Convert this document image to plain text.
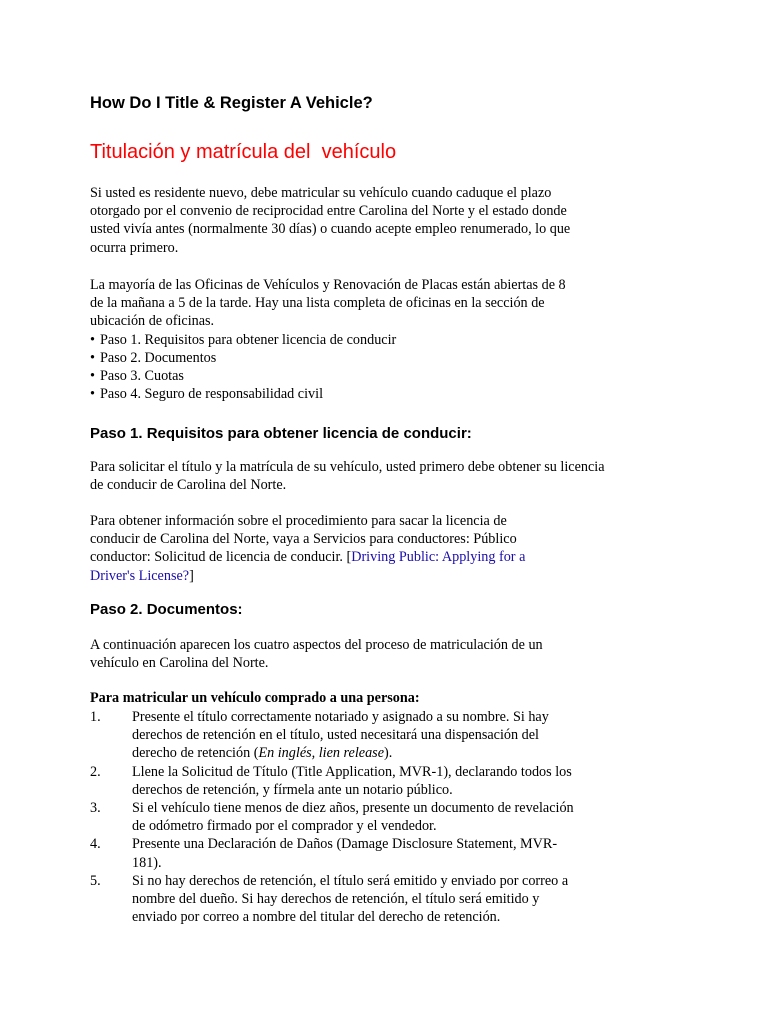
How Do I Title & Register A Vehicle?
Titulación y matrícula del  vehículo
Si usted es residente nuevo, debe matricular su vehículo cuando caduque el plazo
otorgado por el convenio de reciprocidad entre Carolina del Norte y el estado donde
usted vivía antes (normalmente 30 días) o cuando acepte empleo renumerado, lo que
ocurra primero.
La mayoría de las Oficinas de Vehículos y Renovación de Placas están abiertas de 8
de la mañana a 5 de la tarde. Hay una lista completa de oficinas en la sección de
ubicación de oficinas.
• Paso 1. Requisitos para obtener licencia de conducir
• Paso 2. Documentos
• Paso 3. Cuotas
• Paso 4. Seguro de responsabilidad civil
Paso 1. Requisitos para obtener licencia de conducir:
Para solicitar el título y la matrícula de su vehículo, usted primero debe obtener su licencia
de conducir de Carolina del Norte.
Para obtener información sobre el procedimiento para sacar la licencia de
conducir de Carolina del Norte, vaya a Servicios para conductores: Público
conductor: Solicitud de licencia de conducir. [Driving Public: Applying for a
Driver's License?]
Paso 2. Documentos:
A continuación aparecen los cuatro aspectos del proceso de matriculación de un
vehículo en Carolina del Norte.
Para matricular un vehículo comprado a una persona:
1. Presente el título correctamente notariado y asignado a su nombre. Si hay
derechos de retención en el título, usted necesitará una dispensación del
derecho de retención (En inglés, lien release).
2. Llene la Solicitud de Título (Title Application, MVR-1), declarando todos los
derechos de retención, y fírmela ante un notario público.
3. Si el vehículo tiene menos de diez años, presente un documento de revelación
de odómetro firmado por el comprador y el vendedor.
4. Presente una Declaración de Daños (Damage Disclosure Statement, MVR-
181).
5. Si no hay derechos de retención, el título será emitido y enviado por correo a
nombre del dueño. Si hay derechos de retención, el título será emitido y
enviado por correo a nombre del titular del derecho de retención.
